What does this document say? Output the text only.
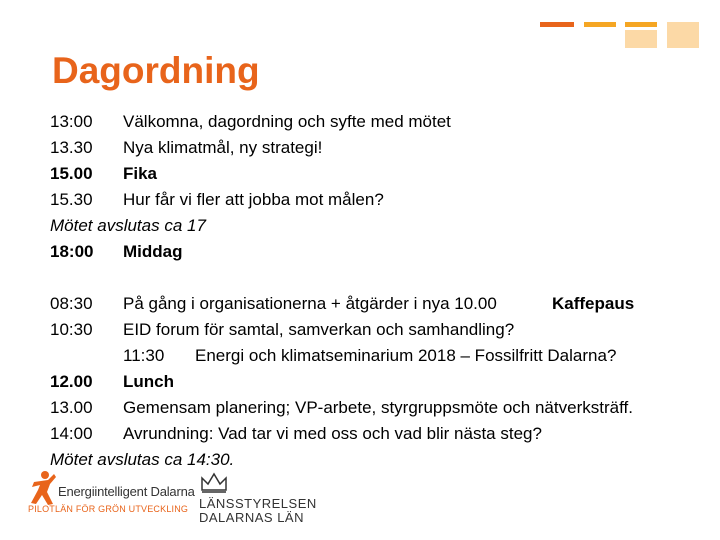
Dagordning
13:00 Välkomna, dagordning och syfte med mötet
13.30 Nya klimatmål, ny strategi!
15.00 Fika
15.30 Hur får vi fler att jobba mot målen?
Mötet avslutas ca 17
18:00 Middag
08:30 På gång i organisationerna + åtgärder i nya 10.00	Kaffepaus
10:30 EID forum för samtal, samverkan och samhandling?
11:30 Energi och klimatseminarium 2018 – Fossilfritt Dalarna?
12.00 Lunch
13.00 Gemensam planering; VP-arbete, styrgruppsmöte och nätverksträff.
14:00 Avrundning: Vad tar vi med oss och vad blir nästa steg?
Mötet avslutas ca 14:30.
Energiintelligent Dalarna
PILOTLÄN FÖR GRÖN UTVECKLING LÄNSSTYRELSEN
DALARNAS LÄN
